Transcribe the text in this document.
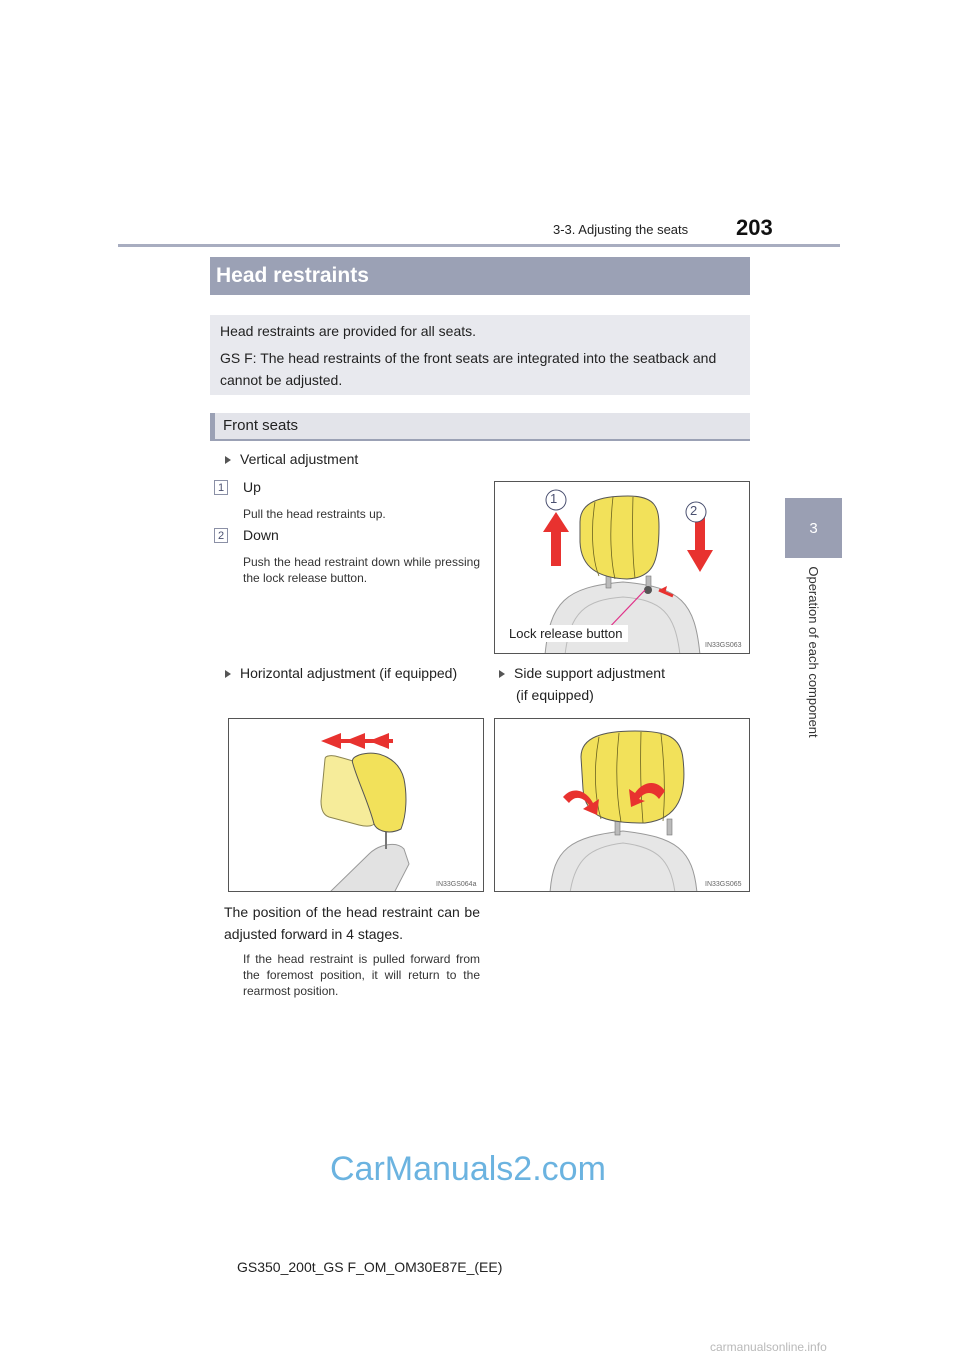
3-3. Adjusting the seats 203
3
Operation of each component
Head restraints

Head restraints are provided for all seats.

GS F: The head restraints of the front seats are integrated into the seatback and cannot be adjusted.

Front seats
Vertical adjustment
1 Up
Pull the head restraints up.
2 Down
Push the head restraint down while pressing the lock release button.
1
2
Lock release button
IN33GS063
Horizontal adjustment (if equipped)	Side support adjustment
(if equipped)
IN33GS064a	IN33GS065
The position of the head restraint can be adjusted forward in 4 stages.
If the head restraint is pulled forward from the foremost position, it will return to the rearmost position.
CarManuals2.com
GS350_200t_GS F_OM_OM30E87E_(EE)
carmanualsonline.info
